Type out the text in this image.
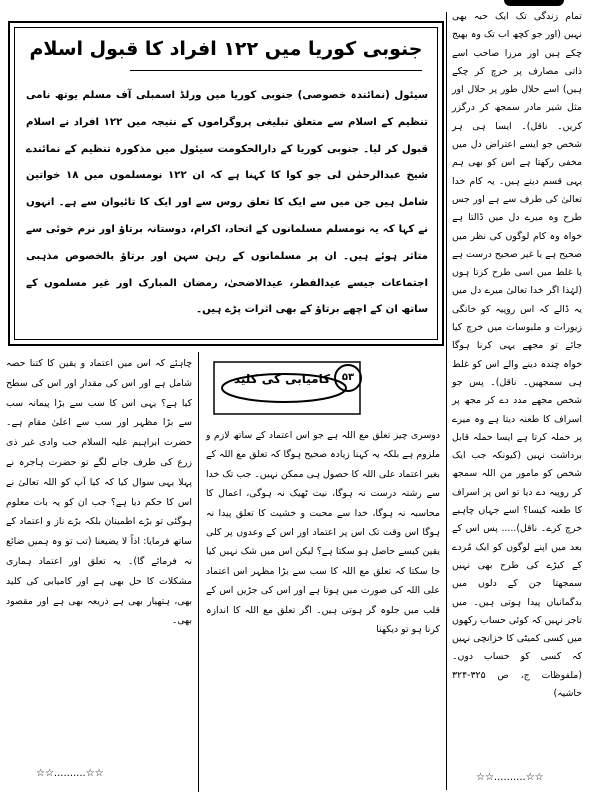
جنوبی کوریا میں ۱۲۲ افراد کا قبول اسلام
سیئول (نمائندہ خصوصی) جنوبی کوریا میں ورلڈ اسمبلی آف مسلم یوتھ نامی تنظیم کے اسلام سے متعلق تبلیغی پروگراموں کے نتیجہ میں ۱۲۲ افراد نے اسلام قبول کر لیا۔ جنوبی کوریا کے دارالحکومت سیئول میں مذکورہ تنظیم کے نمائندے شیخ عبدالرحمٰن لی جو کوا کا کہنا ہے کہ ان ۱۲۲ نومسلموں میں ۱۸ خواتین شامل ہیں جن میں سے ایک کا تعلق روس سے اور ایک کا تائیوان سے ہے۔ انہوں نے کہا کہ یہ نومسلم مسلمانوں کے اتحاد، اکرام، دوستانہ برتاؤ اور نرم خوئی سے متاثر ہوئے ہیں۔ ان پر مسلمانوں کے رہن سہن اور برتاؤ بالخصوص مذہبی اجتماعات جیسے عیدالفطر، عیدالاضحیٰ، رمضان المبارک اور غیر مسلموں کے ساتھ ان کے اچھے برتاؤ کے بھی اثرات پڑے ہیں۔
تمام زندگی تک ایک حبہ بھی نہیں (اور جو کچھ اب تک وہ بھیج چکے ہیں اور مرزا صاحب اسے ذاتی مصارف پر خرچ کر چکے ہیں) اسے حلال طور پر حلال اور مثل شیر مادر سمجھ کر درگزر کریں۔ ناقل)۔ ایسا ہی ہر شخص جو ایسے اعتراض دل میں مخفی رکھتا ہے اس کو بھی ہم یہی قسم دیتے ہیں۔ یہ کام خدا تعالیٰ کی طرف سے ہے اور جس طرح وہ میرے دل میں ڈالتا ہے خواہ وہ کام لوگوں کی نظر میں صحیح ہے یا غیر صحیح درست ہے یا غلط میں اسی طرح کرتا ہوں (لہٰذا اگر خدا تعالیٰ میرے دل میں یہ ڈالے کہ اس روپیہ کو خانگی زیورات و ملبوسات میں خرچ کیا جائے تو مجھے یہی کرنا ہوگا خواہ چندہ دینے والے اس کو غلط ہی سمجھیں۔ ناقل)۔ پس جو شخص مجھے مدد دے کر مجھ پر اسراف کا طعنہ دیتا ہے وہ میرے پر حملہ کرتا ہے ایسا حملہ قابل برداشت نہیں (کیونکہ جب ایک شخص کو مامور من اللہ سمجھ کر روپیہ دے دیا تو اس پر اسراف کا طعنہ کیسا؟ اسے جہاں چاہیے خرچ کرے۔ ناقل)..... پس اس کے بعد میں اپنے لوگوں کو ایک مُردے کے کیڑے کی طرح بھی نہیں سمجھتا جن کے دلوں میں بدگمانیاں پیدا ہوتی ہیں۔ میں تاجر نہیں کہ کوئی حساب رکھوں میں کسی کمیٹی کا خزانچی نہیں کہ کسی کو حساب دوں۔ (ملفوظات ج، ص ۳۲۵-۳۲۴ حاشیہ)
☆☆..........☆☆
کامیابی کی کلید	۵۳
دوسری چیز تعلق مع اللہ ہے جو اس اعتماد کے ساتھ لازم و ملزوم ہے بلکہ یہ کہنا زیادہ صحیح ہوگا کہ تعلق مع اللہ کے بغیر اعتماد علی اللہ کا حصول ہی ممکن نہیں۔ جب تک خدا سے رشتہ درست نہ ہوگا، نیت ٹھیک نہ ہوگی، اعمال کا محاسبہ نہ ہوگا، خدا سے محبت و خشیت کا تعلق پیدا نہ ہوگا اس وقت تک اس پر اعتماد اور اس کے وعدوں پر کلی یقین کیسے حاصل ہو سکتا ہے؟ لیکن اس میں شک نہیں کیا جا سکتا کہ تعلق مع اللہ کا سب سے بڑا مظہر اس اعتماد علی اللہ کی صورت میں ہوتا ہے اور اس کی جڑیں اس کے قلب میں جلوہ گر ہوتی ہیں۔ اگر تعلق مع اللہ کا اندازہ کرنا ہو تو دیکھنا
چاہئے کہ اس میں اعتماد و یقین کا کتنا حصہ شامل ہے اور اس کی مقدار اور اس کی سطح کیا ہے؟ یہی اس کا سب سے بڑا پیمانہ سب سے بڑا مظہر اور سب سے اعلیٰ مقام ہے۔ حضرت ابراہیم علیہ السلام جب وادی غیر ذی زرع کی طرف جانے لگے تو حضرت ہاجرہ نے پہلا یہی سوال کیا کہ کیا آپ کو اللہ تعالیٰ نے اس کا حکم دیا ہے؟ جب ان کو یہ بات معلوم ہوگئی تو بڑے اطمینان بلکہ بڑے ناز و اعتماد کے ساتھ فرمایا: اذاً لا یضیعنا (تب تو وہ ہمیں ضائع نہ فرمائے گا)۔ یہ تعلق اور اعتماد ہماری مشکلات کا حل بھی ہے اور کامیابی کی کلید بھی، ہتھیار بھی ہے ذریعہ بھی ہے اور مقصود بھی۔
☆☆..........☆☆
